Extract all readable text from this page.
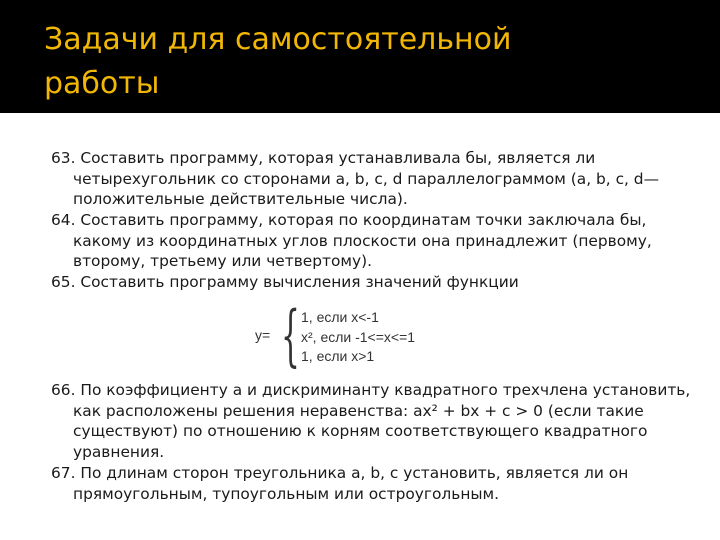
Задачи для самостоятельной
работы

63. Составить программу, которая устанавливала бы, является ли четырехугольник со сторонами a, b, c, d параллелограммом (a, b, c, d— положительные действительные числа).

64. Составить программу, которая по координатам точки заключала бы, какому из координатных углов плоскости она принадлежит (первому, второму, третьему или четвертому).

65. Составить программу вычисления значений функции

y= { 1, если x<-1
x², если -1<=x<=1
1, если x>1

66. По коэффициенту a и дискриминанту квадратного трехчлена установить, как расположены решения неравенства: ax² + bx + c > 0 (если такие существуют) по отношению к корням соответствующего квадратного уравнения.

67. По длинам сторон треугольника a, b, c установить, является ли он прямоугольным, тупоугольным или остроугольным.
